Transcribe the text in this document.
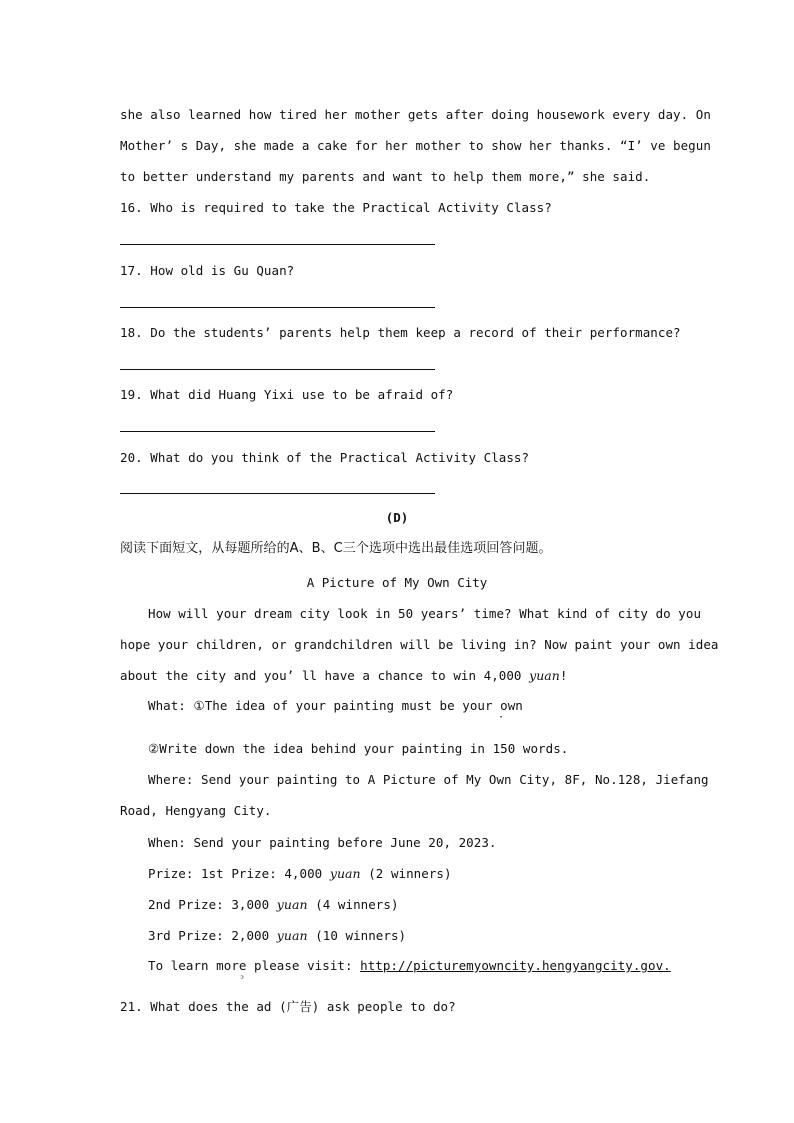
she also learned how tired her mother gets after doing housework every day. On
Mother’ s Day, she made a cake for her mother to show her thanks. “I’ ve begun
to better understand my parents and want to help them more,” she said.
16. Who is required to take the Practical Activity Class?
17. How old is Gu Quan?
18. Do the students’ parents help them keep a record of their performance?
19. What did Huang Yixi use to be afraid of?
20. What do you think of the Practical Activity Class?
(D)
阅读下面短文，从每题所给的A、B、C三个选项中选出最佳选项回答问题。
A Picture of My Own City
How will your dream city look in 50 years’ time? What kind of city do you
hope your children, or grandchildren will be living in? Now paint your own idea
about the city and you’ ll have a chance to win 4,000 yuan!
What: ①The idea of your painting must be your own
·
②Write down the idea behind your painting in 150 words.
Where: Send your painting to A Picture of My Own City, 8F, No.128, Jiefang
Road, Hengyang City.
When: Send your painting before June 20, 2023.
Prize: 1st Prize: 4,000 yuan (2 winners)
2nd Prize: 3,000 yuan (4 winners)
3rd Prize: 2,000 yuan (10 winners)
To learn more please visit: http://picturemyowncity.hengyangcity.gov.
ᵓ
21. What does the ad (广告) ask people to do?
